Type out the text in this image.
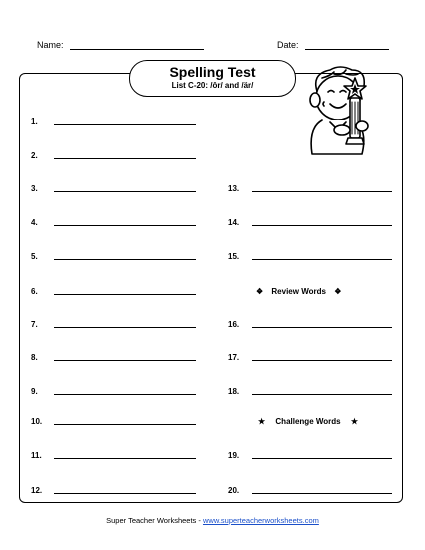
Name:	Date:
Spelling Test
List C-20: /ôr/ and /är/
1.
2.
3.
4.
5.
6.
7.
8.
9.
10.
11.
12.
13.
14.
15.
16.
17.
18.
19.
20.
❖ Review Words ❖
★ Challenge Words ★
Super Teacher Worksheets - www.superteacherworksheets.com
